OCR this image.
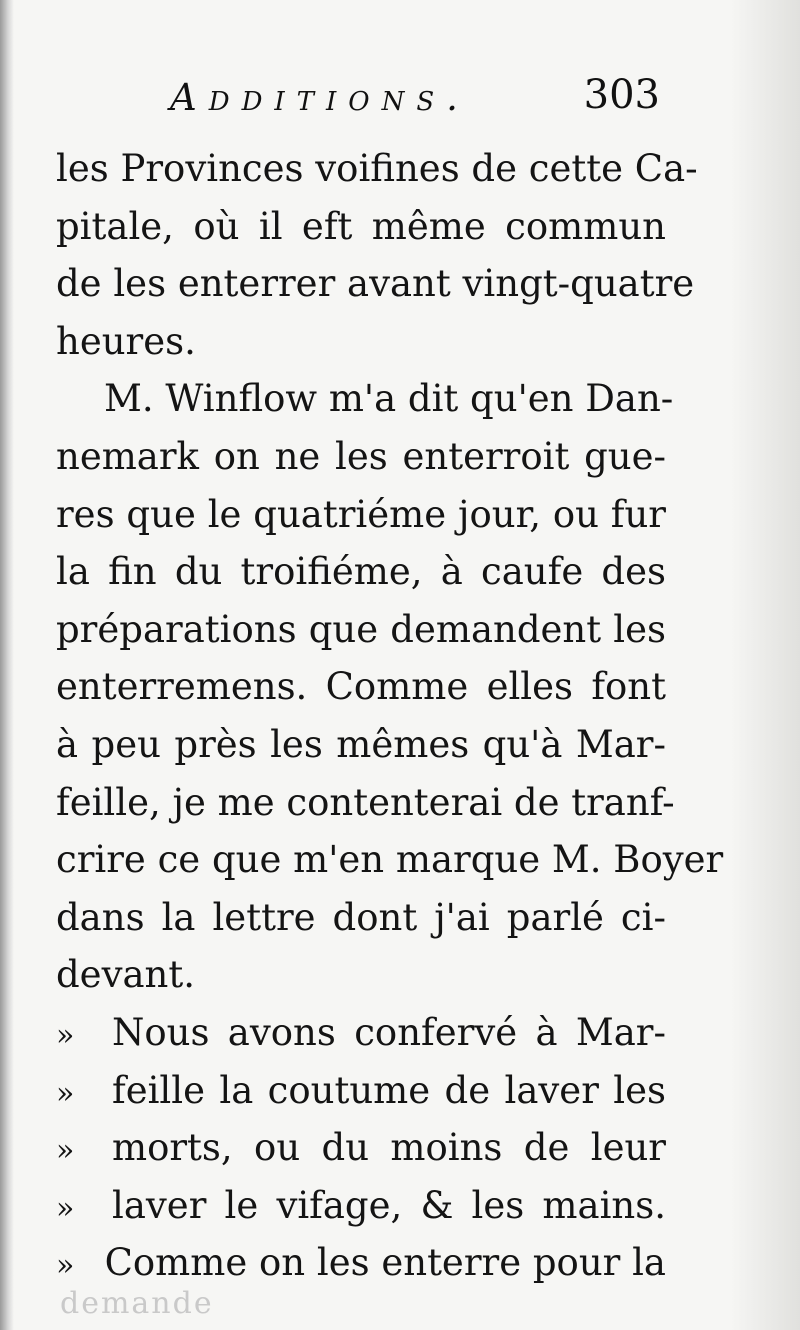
Additions.	303
les Provinces voifines de cette Ca-
pitale, où il eft même commun
de les enterrer avant vingt-quatre
heures.
M. Winflow m'a dit qu'en Dan-
nemark on ne les enterroit gue-
res que le quatriéme jour, ou fur
la fin du troifiéme, à caufe des
préparations que demandent les
enterremens. Comme elles font
à peu près les mêmes qu'à Mar-
feille, je me contenterai de tranf-
crire ce que m'en marque M. Boyer
dans la lettre dont j'ai parlé ci-
devant.
»	Nous avons confervé à Mar-
»	feille la coutume de laver les
»	morts, ou du moins de leur
»	laver le vifage, & les mains.
» Comme on les enterre pour la
demande
